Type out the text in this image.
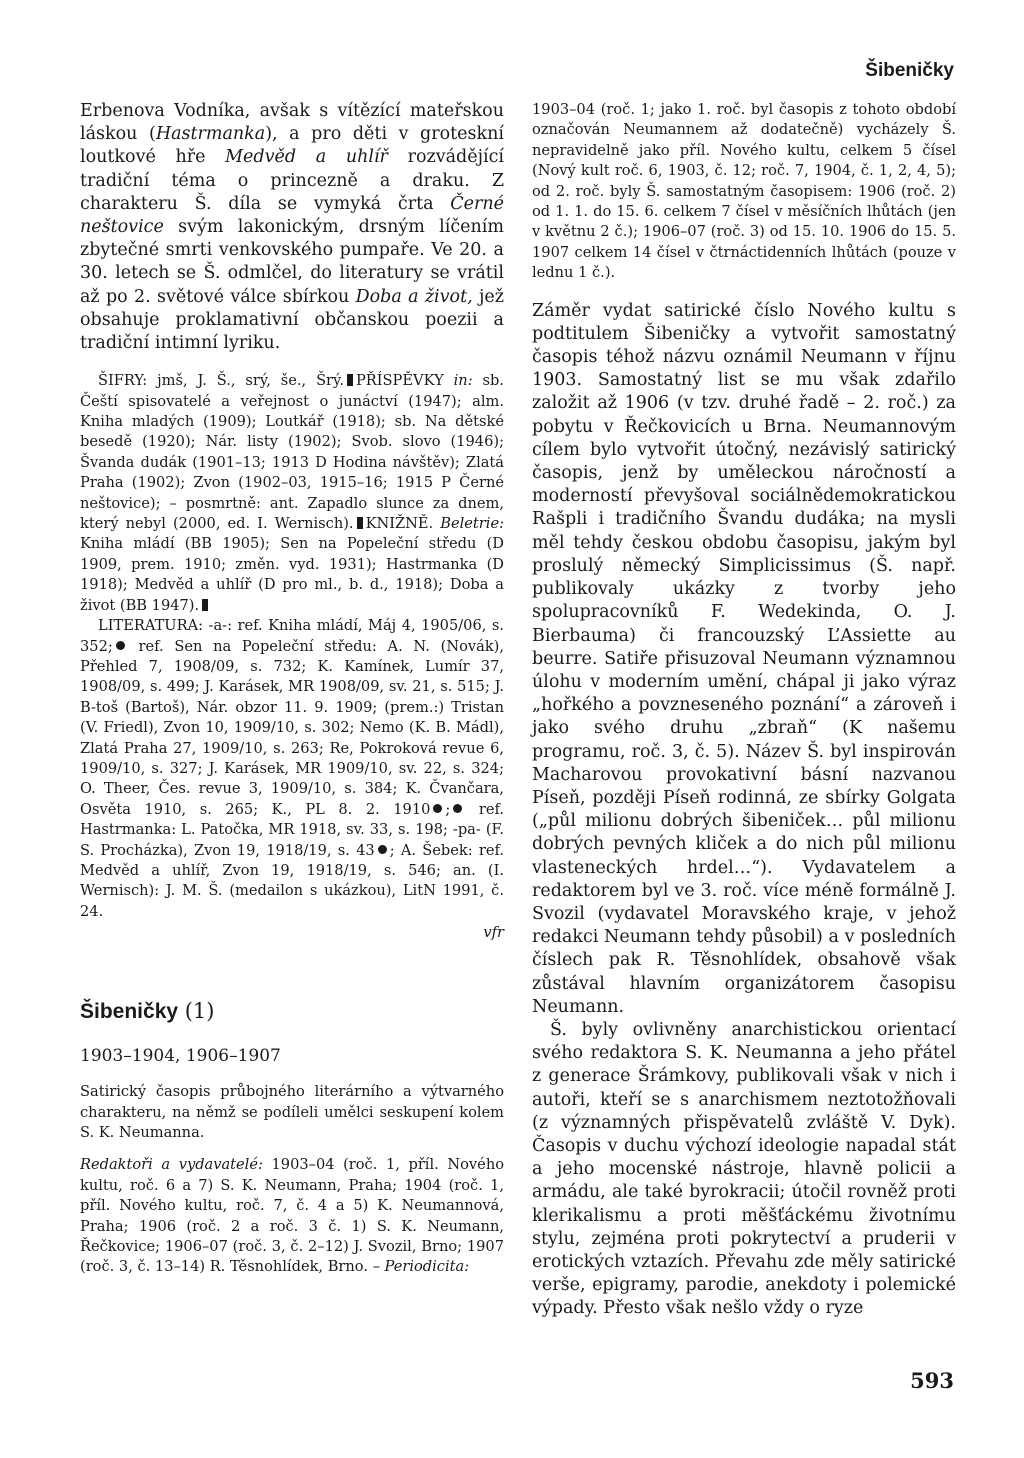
Šibeničky

Erbenova Vodníka, avšak s vítězící mateřskou láskou (Hastrmanka), a pro děti v groteskní loutkové hře Medvěd a uhlíř rozvádějící tradiční téma o princezně a draku. Z charakteru Š. díla se vymyká črta Černé neštovice svým lakonickým, drsným líčením zbytečné smrti venkovského pumpaře. Ve 20. a 30. letech se Š. odmlčel, do literatury se vrátil až po 2. světové válce sbírkou Doba a život, jež obsahuje proklamativní občanskou poezii a tradiční intimní lyriku.

ŠIFRY: jmš, J. Š., srý, še., Šrý. PŘÍSPĚVKY in: sb. Čeští spisovatelé a veřejnost o junáctví (1947); alm. Kniha mladých (1909); Loutkář (1918); sb. Na dětské besedě (1920); Nár. listy (1902); Svob. slovo (1946); Švanda dudák (1901–13; 1913 D Hodina návštěv); Zlatá Praha (1902); Zvon (1902–03, 1915–16; 1915 P Černé neštovice); – posmrtně: ant. Zapadlo slunce za dnem, který nebyl (2000, ed. I. Wernisch). KNIŽNĚ. Beletrie: Kniha mládí (BB 1905); Sen na Popeleční středu (D 1909, prem. 1910; změn. vyd. 1931); Hastrmanka (D 1918); Medvěd a uhlíř (D pro ml., b. d., 1918); Doba a život (BB 1947).

LITERATURA: -a-: ref. Kniha mládí, Máj 4, 1905/06, s. 352; ref. Sen na Popeleční středu: A. N. (Novák), Přehled 7, 1908/09, s. 732; K. Kamínek, Lumír 37, 1908/09, s. 499; J. Karásek, MR 1908/09, sv. 21, s. 515; J. B-toš (Bartoš), Nár. obzor 11. 9. 1909; (prem.:) Tristan (V. Friedl), Zvon 10, 1909/10, s. 302; Nemo (K. B. Mádl), Zlatá Praha 27, 1909/10, s. 263; Re, Pokroková revue 6, 1909/10, s. 327; J. Karásek, MR 1909/10, sv. 22, s. 324; O. Theer, Čes. revue 3, 1909/10, s. 384; K. Čvančara, Osvěta 1910, s. 265; K., PL 8. 2. 1910 ; ref. Hastrmanka: L. Patočka, MR 1918, sv. 33, s. 198; -pa- (F. S. Procházka), Zvon 19, 1918/19, s. 43 ; A. Šebek: ref. Medvěd a uhlíř, Zvon 19, 1918/19, s. 546; an. (I. Wernisch): J. M. Š. (medailon s ukázkou), LitN 1991, č. 24.

vfr
Šibeničky (1)
1903–1904, 1906–1907

Satirický časopis průbojného literárního a výtvarného charakteru, na němž se podíleli umělci seskupení kolem S. K. Neumanna.

Redaktoři a vydavatelé: 1903–04 (roč. 1, příl. Nového kultu, roč. 6 a 7) S. K. Neumann, Praha; 1904 (roč. 1, příl. Nového kultu, roč. 7, č. 4 a 5) K. Neumannová, Praha; 1906 (roč. 2 a roč. 3 č. 1) S. K. Neumann, Řečkovice; 1906–07 (roč. 3, č. 2–12) J. Svozil, Brno; 1907 (roč. 3, č. 13–14) R. Těsnohlídek, Brno. – Periodicita:

1903–04 (roč. 1; jako 1. roč. byl časopis z tohoto období označován Neumannem až dodatečně) vycházely Š. nepravidelně jako příl. Nového kultu, celkem 5 čísel (Nový kult roč. 6, 1903, č. 12; roč. 7, 1904, č. 1, 2, 4, 5); od 2. roč. byly Š. samostatným časopisem: 1906 (roč. 2) od 1. 1. do 15. 6. celkem 7 čísel v měsíčních lhůtách (jen v květnu 2 č.); 1906–07 (roč. 3) od 15. 10. 1906 do 15. 5. 1907 celkem 14 čísel v čtrnáctidenních lhůtách (pouze v lednu 1 č.).

Záměr vydat satirické číslo Nového kultu s podtitulem Šibeničky a vytvořit samostatný časopis téhož názvu oznámil Neumann v říjnu 1903. Samostatný list se mu však zdařilo založit až 1906 (v tzv. druhé řadě – 2. roč.) za pobytu v Řečkovicích u Brna. Neumannovým cílem bylo vytvořit útočný, nezávislý satirický časopis, jenž by uměleckou náročností a moderností převyšoval sociálnědemokratickou Rašpli i tradičního Švandu dudáka; na mysli měl tehdy českou obdobu časopisu, jakým byl proslulý německý Simplicissimus (Š. např. publikovaly ukázky z tvorby jeho spolupracovníků F. Wedekinda, O. J. Bierbauma) či francouzský L’Assiette au beurre. Satiře přisuzoval Neumann významnou úlohu v moderním umění, chápal ji jako výraz „hořkého a povzneseného poznání“ a zároveň i jako svého druhu „zbraň“ (K našemu programu, roč. 3, č. 5). Název Š. byl inspirován Macharovou provokativní básní nazvanou Píseň, později Píseň rodinná, ze sbírky Golgata („půl milionu dobrých šibeniček… půl milionu dobrých pevných kliček a do nich půl milionu vlasteneckých hrdel…“). Vydavatelem a redaktorem byl ve 3. roč. více méně formálně J. Svozil (vydavatel Moravského kraje, v jehož redakci Neumann tehdy působil) a v posledních číslech pak R. Těsnohlídek, obsahově však zůstával hlavním organizátorem časopisu Neumann.

Š. byly ovlivněny anarchistickou orientací svého redaktora S. K. Neumanna a jeho přátel z generace Šrámkovy, publikovali však v nich i autoři, kteří se s anarchismem neztotožňovali (z významných přispěvatelů zvláště V. Dyk). Časopis v duchu výchozí ideologie napadal stát a jeho mocenské nástroje, hlavně policii a armádu, ale také byrokracii; útočil rovněž proti klerikalismu a proti měšťáckému životnímu stylu, zejména proti pokrytectví a pruderii v erotických vztazích. Převahu zde měly satirické verše, epigramy, parodie, anekdoty i polemické výpady. Přesto však nešlo vždy o ryze

593
